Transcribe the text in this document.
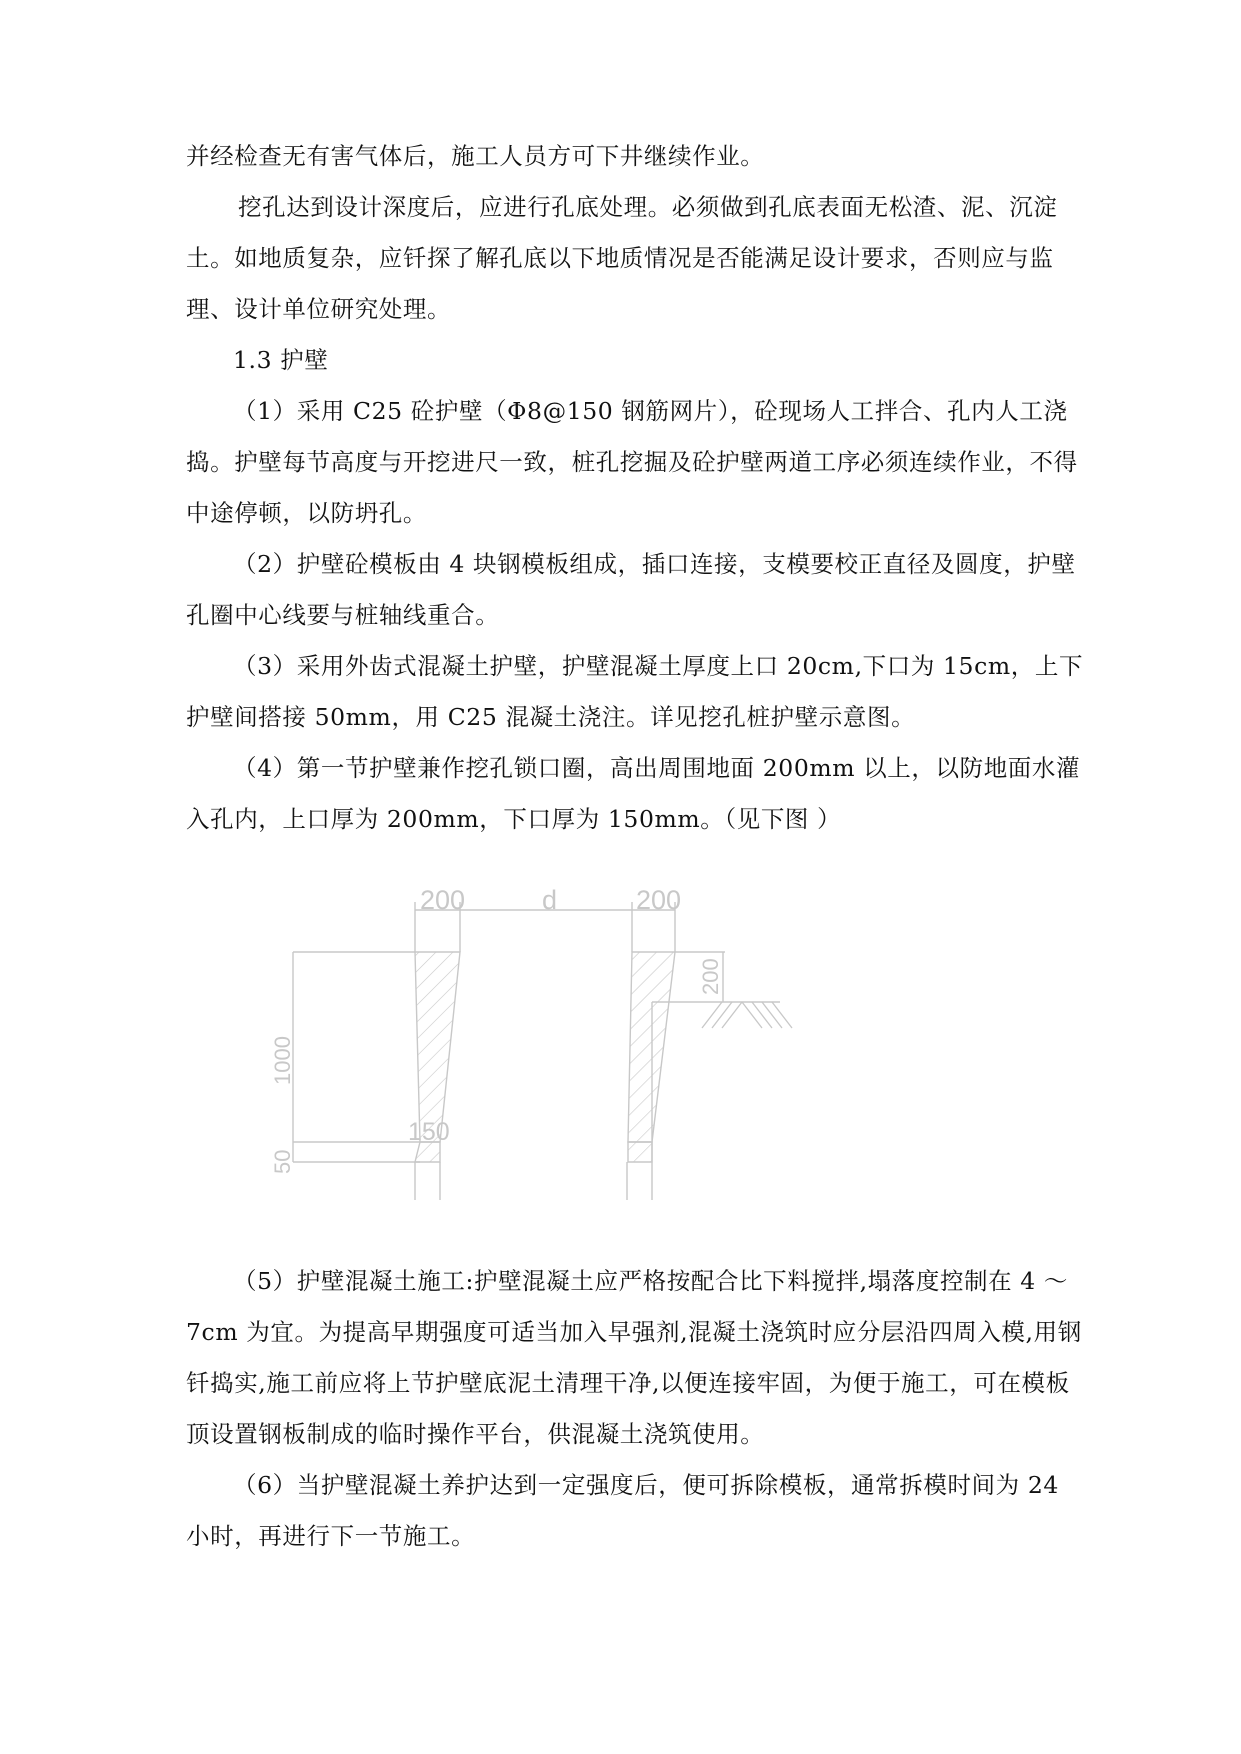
并经检查无有害气体后，施工人员方可下井继续作业。

挖孔达到设计深度后，应进行孔底处理。必须做到孔底表面无松渣、泥、沉淀土。如地质复杂，应钎探了解孔底以下地质情况是否能满足设计要求，否则应与监理、设计单位研究处理。

1.3 护壁

（1）采用 C25 砼护壁（Φ8@150 钢筋网片），砼现场人工拌合、孔内人工浇捣。护壁每节高度与开挖进尺一致，桩孔挖掘及砼护壁两道工序必须连续作业，不得中途停顿，以防坍孔。

（2）护壁砼模板由 4 块钢模板组成，插口连接，支模要校正直径及圆度，护壁孔圈中心线要与桩轴线重合。

（3）采用外齿式混凝土护壁，护壁混凝土厚度上口 20cm,下口为 15cm，上下护壁间搭接 50mm，用 C25 混凝土浇注。详见挖孔桩护壁示意图。

（4）第一节护壁兼作挖孔锁口圈，高出周围地面 200mm 以上，以防地面水灌入孔内，上口厚为 200mm，下口厚为 150mm。（见下图 ）

200	d	200
200
1000
150
50

（5）护壁混凝土施工:护壁混凝土应严格按配合比下料搅拌,塌落度控制在 4 ～ 7cm 为宜。为提高早期强度可适当加入早强剂,混凝土浇筑时应分层沿四周入模,用钢钎捣实,施工前应将上节护壁底泥土清理干净,以便连接牢固，为便于施工，可在模板顶设置钢板制成的临时操作平台，供混凝土浇筑使用。

（6）当护壁混凝土养护达到一定强度后，便可拆除模板，通常拆模时间为 24 小时，再进行下一节施工。
